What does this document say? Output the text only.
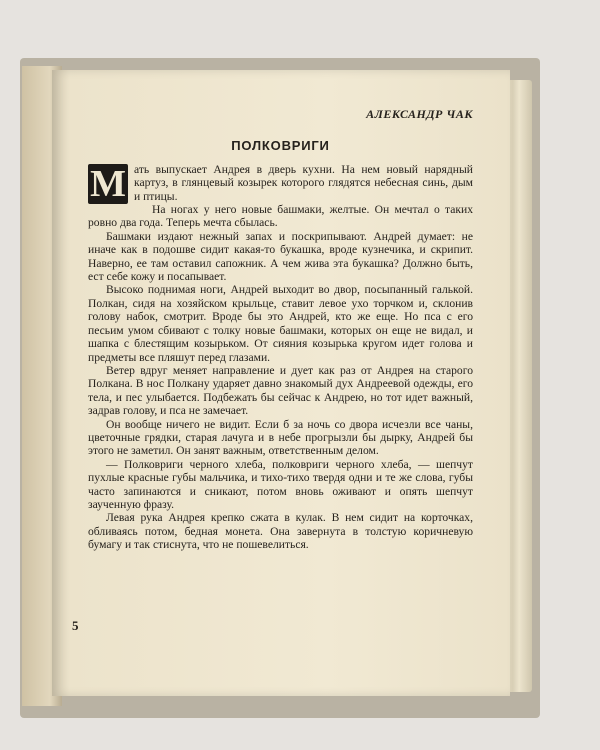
АЛЕКСАНДР ЧАК
ПОЛКОВРИГИ

М ать выпускает Андрея в дверь кухни. На нем новый нарядный картуз, в глянцевый козырек которого глядятся небесная синь, дым и птицы.

На ногах у него новые башмаки, желтые. Он мечтал о таких ровно два года. Теперь мечта сбылась.

Башмаки издают нежный запах и поскрипывают. Андрей думает: не иначе как в подошве сидит какая-то букашка, вроде кузнечика, и скрипит. Наверно, ее там оставил сапожник. А чем жива эта букашка? Должно быть, ест себе кожу и посапывает.

Высоко поднимая ноги, Андрей выходит во двор, посыпанный галькой. Полкан, сидя на хозяйском крыльце, ставит левое ухо торчком и, склонив голову набок, смотрит. Вроде бы это Андрей, кто же еще. Но пса с его песьим умом сбивают с толку новые башмаки, которых он еще не видал, и шапка с блестящим козырьком. От сияния козырька кругом идет голова и предметы все пляшут перед глазами.

Ветер вдруг меняет направление и дует как раз от Андрея на старого Полкана. В нос Полкану ударяет давно знакомый дух Андреевой одежды, его тела, и пес улыбается. Подбежать бы сейчас к Андрею, но тот идет важный, задрав голову, и пса не замечает.

Он вообще ничего не видит. Если б за ночь со двора исчезли все чаны, цветочные грядки, старая лачуга и в небе прогрызли бы дырку, Андрей бы этого не заметил. Он занят важным, ответственным делом.

— Полковриги черного хлеба, полковриги черного хлеба, — шепчут пухлые красные губы мальчика, и тихо-тихо твердя одни и те же слова, губы часто запинаются и сникают, потом вновь оживают и опять шепчут заученную фразу.

Левая рука Андрея крепко сжата в кулак. В нем сидит на корточках, обливаясь потом, бедная монета. Она завернута в толстую коричневую бумагу и так стиснута, что не пошевелиться.

5
